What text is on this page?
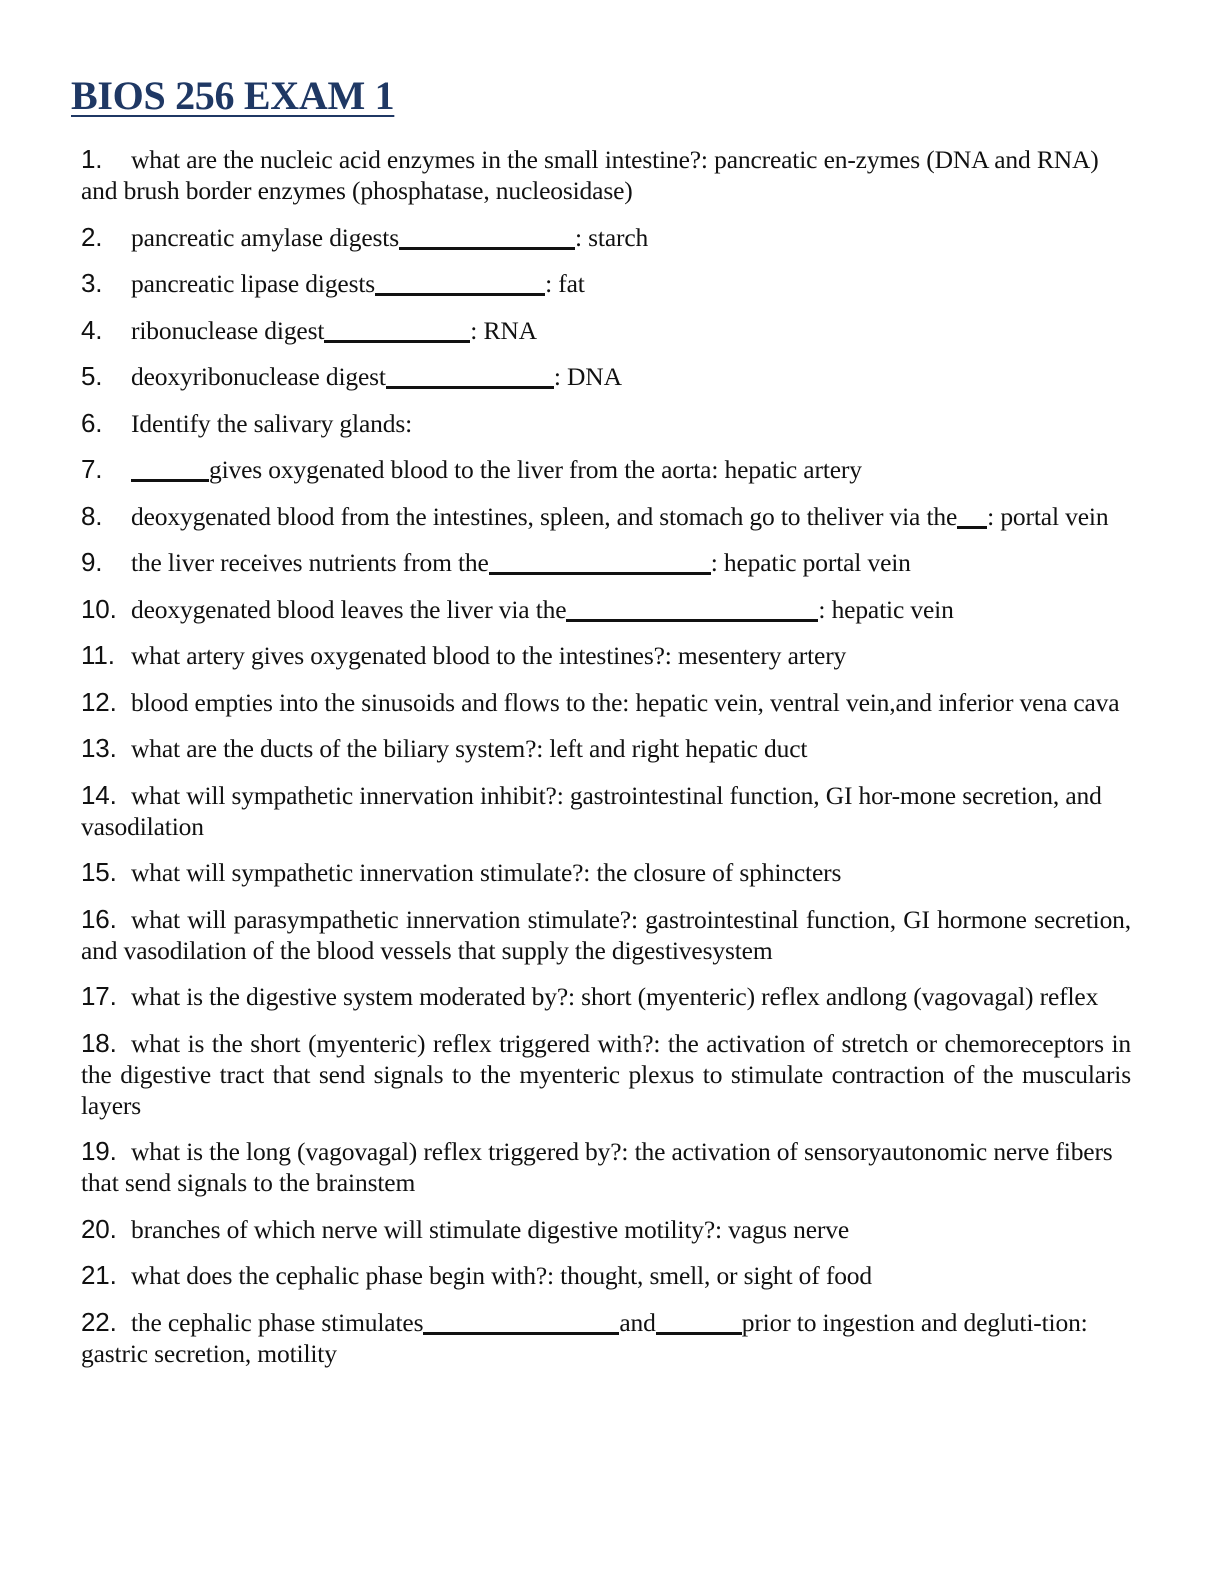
BIOS 256 EXAM 1
1. what are the nucleic acid enzymes in the small intestine?: pancreatic en-zymes (DNA and RNA) and brush border enzymes (phosphatase, nucleosidase)
2. pancreatic amylase digests	: starch
3. pancreatic lipase digests	: fat
4. ribonuclease digest	: RNA
5. deoxyribonuclease digest	: DNA
6. Identify the salivary glands:
7.	gives oxygenated blood to the liver from the aorta: hepatic artery
8. deoxygenated blood from the intestines, spleen, and stomach go to theliver via the : portal vein
9. the liver receives nutrients from the	: hepatic portal vein
10. deoxygenated blood leaves the liver via the	: hepatic vein
11. what artery gives oxygenated blood to the intestines?: mesentery artery
12. blood empties into the sinusoids and flows to the: hepatic vein, ventral vein,and inferior vena cava
13. what are the ducts of the biliary system?: left and right hepatic duct
14. what will sympathetic innervation inhibit?: gastrointestinal function, GI hor-mone secretion, and vasodilation
15. what will sympathetic innervation stimulate?: the closure of sphincters
16. what will parasympathetic innervation stimulate?: gastrointestinal function, GI hormone secretion, and vasodilation of the blood vessels that supply the digestivesystem
17. what is the digestive system moderated by?: short (myenteric) reflex andlong (vagovagal) reflex
18. what is the short (myenteric) reflex triggered with?: the activation of stretch or chemoreceptors in the digestive tract that send signals to the myenteric plexus to stimulate contraction of the muscularis layers
19. what is the long (vagovagal) reflex triggered by?: the activation of sensoryautonomic nerve fibers that send signals to the brainstem
20. branches of which nerve will stimulate digestive motility?: vagus nerve
21. what does the cephalic phase begin with?: thought, smell, or sight of food
22. the cephalic phase stimulates	and	prior to ingestion and degluti-tion: gastric secretion, motility
